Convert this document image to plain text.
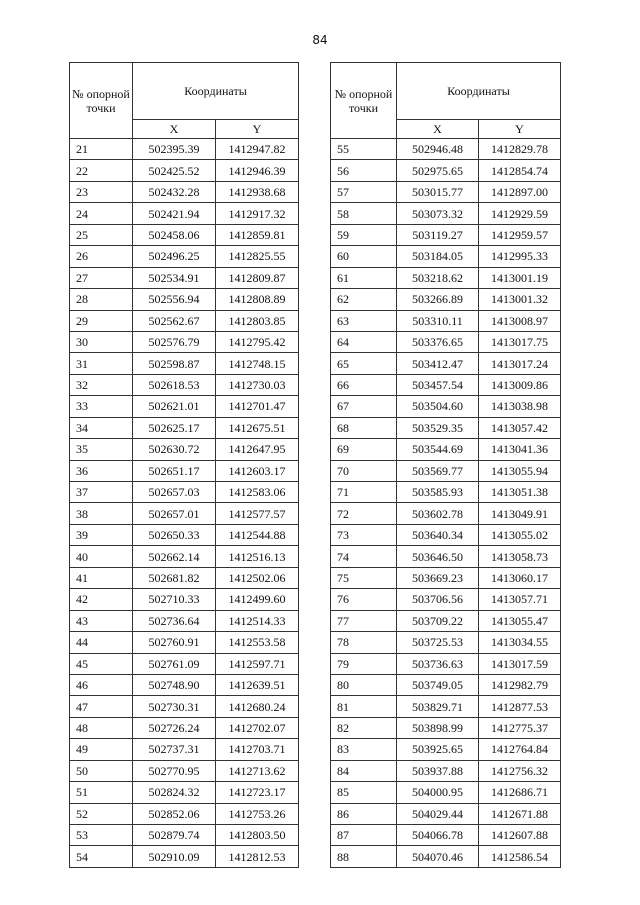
84
№ опорной точки	Координаты	
	X	Y
21	502395.39	1412947.82
22	502425.52	1412946.39
23	502432.28	1412938.68
24	502421.94	1412917.32
25	502458.06	1412859.81
26	502496.25	1412825.55
27	502534.91	1412809.87
28	502556.94	1412808.89
29	502562.67	1412803.85
30	502576.79	1412795.42
31	502598.87	1412748.15
32	502618.53	1412730.03
33	502621.01	1412701.47
34	502625.17	1412675.51
35	502630.72	1412647.95
36	502651.17	1412603.17
37	502657.03	1412583.06
38	502657.01	1412577.57
39	502650.33	1412544.88
40	502662.14	1412516.13
41	502681.82	1412502.06
42	502710.33	1412499.60
43	502736.64	1412514.33
44	502760.91	1412553.58
45	502761.09	1412597.71
46	502748.90	1412639.51
47	502730.31	1412680.24
48	502726.24	1412702.07
49	502737.31	1412703.71
50	502770.95	1412713.62
51	502824.32	1412723.17
52	502852.06	1412753.26
53	502879.74	1412803.50
54	502910.09	1412812.53
№ опорной точки	Координаты	
	X	Y
55	502946.48	1412829.78
56	502975.65	1412854.74
57	503015.77	1412897.00
58	503073.32	1412929.59
59	503119.27	1412959.57
60	503184.05	1412995.33
61	503218.62	1413001.19
62	503266.89	1413001.32
63	503310.11	1413008.97
64	503376.65	1413017.75
65	503412.47	1413017.24
66	503457.54	1413009.86
67	503504.60	1413038.98
68	503529.35	1413057.42
69	503544.69	1413041.36
70	503569.77	1413055.94
71	503585.93	1413051.38
72	503602.78	1413049.91
73	503640.34	1413055.02
74	503646.50	1413058.73
75	503669.23	1413060.17
76	503706.56	1413057.71
77	503709.22	1413055.47
78	503725.53	1413034.55
79	503736.63	1413017.59
80	503749.05	1412982.79
81	503829.71	1412877.53
82	503898.99	1412775.37
83	503925.65	1412764.84
84	503937.88	1412756.32
85	504000.95	1412686.71
86	504029.44	1412671.88
87	504066.78	1412607.88
88	504070.46	1412586.54
